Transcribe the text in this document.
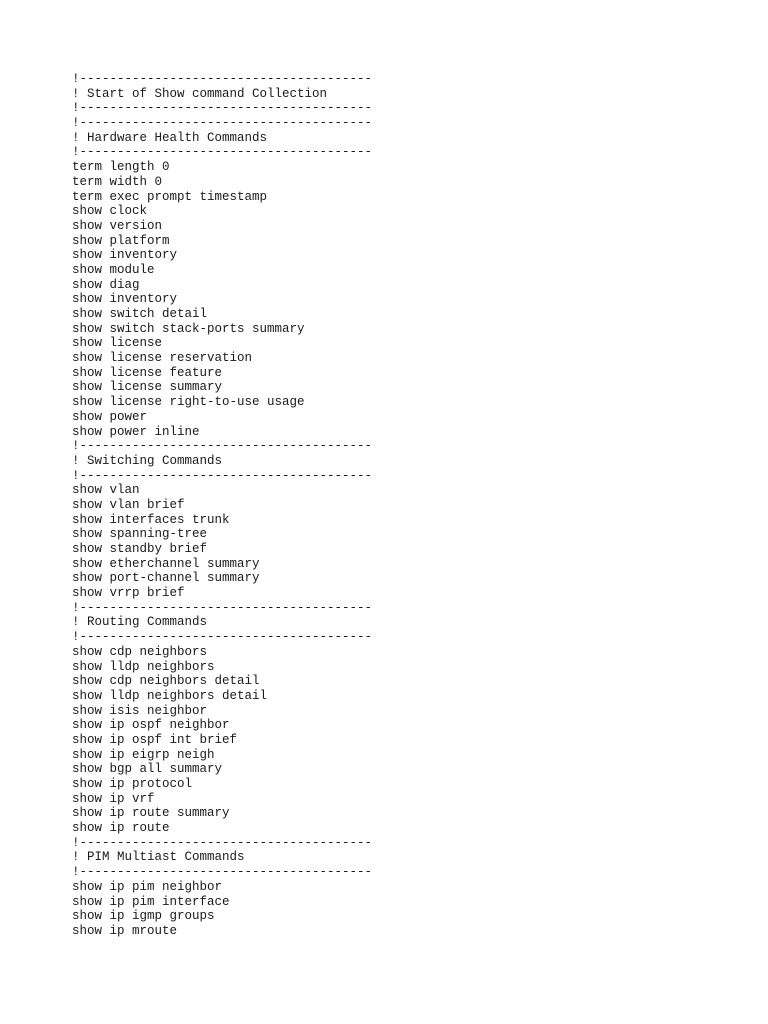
!---------------------------------------
! Start of Show command Collection
!---------------------------------------
!---------------------------------------
! Hardware Health Commands
!---------------------------------------
term length 0
term width 0
term exec prompt timestamp
show clock
show version
show platform
show inventory
show module
show diag
show inventory
show switch detail
show switch stack-ports summary
show license
show license reservation
show license feature
show license summary
show license right-to-use usage
show power
show power inline
!---------------------------------------
! Switching Commands
!---------------------------------------
show vlan
show vlan brief
show interfaces trunk
show spanning-tree
show standby brief
show etherchannel summary
show port-channel summary
show vrrp brief
!---------------------------------------
! Routing Commands
!---------------------------------------
show cdp neighbors
show lldp neighbors
show cdp neighbors detail
show lldp neighbors detail
show isis neighbor
show ip ospf neighbor
show ip ospf int brief
show ip eigrp neigh
show bgp all summary
show ip protocol
show ip vrf
show ip route summary
show ip route
!---------------------------------------
! PIM Multiast Commands
!---------------------------------------
show ip pim neighbor
show ip pim interface
show ip igmp groups
show ip mroute
